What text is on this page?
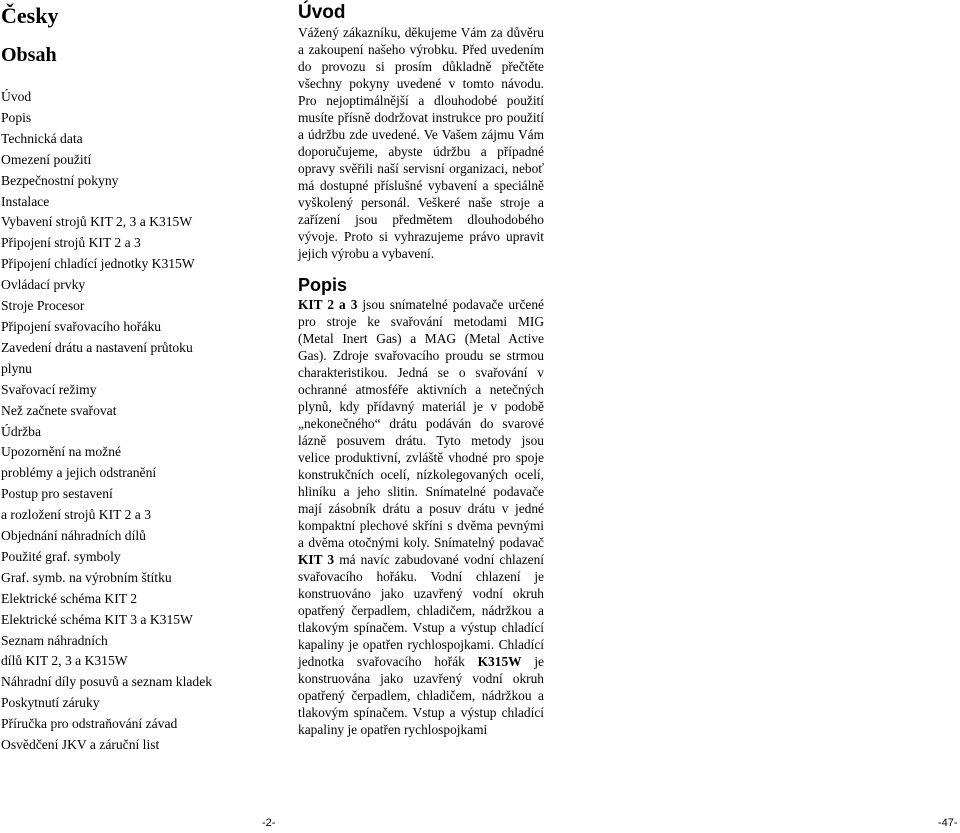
Česky
Obsah
Úvod
Popis
Technická data
Omezení použití
Bezpečnostní pokyny
Instalace
Vybavení strojů KIT 2, 3 a K315W
Připojení strojů KIT 2 a 3
Připojení chladící jednotky K315W
Ovládací prvky
Stroje Procesor
Připojení svařovacího hořáku
Zavedení drátu a nastavení průtoku
plynu
Svařovací režimy
Než začnete svařovat
Údržba
Upozornění na možné
problémy a jejich odstranění
Postup pro sestavení
a rozložení strojů KIT 2 a 3
Objednání náhradních dílů
Použité graf. symboly
Graf. symb. na výrobním štítku
Elektrické schéma KIT 2
Elektrické schéma KIT 3 a K315W
Seznam náhradních
dílů KIT 2, 3 a K315W
Náhradní díly posuvů a seznam kladek
Poskytnutí záruky
Příručka pro odstraňování závad
Osvědčení JKV a záruční list
Úvod

Vážený zákazníku, děkujeme Vám za důvěru a zakoupení našeho výrobku. Před uvedením do provozu si prosím důkladně přečtěte všechny pokyny uvedené v tomto návodu. Pro nejoptimálnější a dlouhodobé použití musíte přísně dodržovat instrukce pro použití a údržbu zde uvedené. Ve Vašem zájmu Vám doporučujeme, abyste údržbu a případné opravy svěřili naší servisní organizaci, neboť má dostupné příslušné vybavení a speciálně vyškolený personál. Veškeré naše stroje a zařízení jsou předmětem dlouhodobého vývoje. Proto si vyhrazujeme právo upravit jejich výrobu a vybavení.

Popis

KIT 2 a 3 jsou snímatelné podavače určené pro stroje ke svařování metodami MIG (Metal Inert Gas) a MAG (Metal Active Gas). Zdroje svařovacího proudu se strmou charakteristikou. Jedná se o svařování v ochranné atmosféře aktivních a netečných plynů, kdy přídavný materiál je v podobě „nekonečného“ drátu podáván do svarové lázně posuvem drátu. Tyto metody jsou velice produktivní, zvláště vhodné pro spoje konstrukčních ocelí, nízkolegovaných ocelí, hliníku a jeho slitin. Snímatelné podavače mají zásobník drátu a posuv drátu v jedné kompaktní plechové skříni s dvěma pevnými a dvěma otočnými koly. Snímatelný podavač KIT 3 má navíc zabudované vodní chlazení svařovacího hořáku. Vodní chlazení je konstruováno jako uzavřený vodní okruh opatřený čerpadlem, chladičem, nádržkou a tlakovým spínačem. Vstup a výstup chladící kapaliny je opatřen rychlospojkami. Chladící jednotka svařovacího hořák K315W je konstruována jako uzavřený vodní okruh opatřený čerpadlem, chladičem, nádržkou a tlakovým spínačem. Vstup a výstup chladící kapaliny je opatřen rychlospojkami

-2-	-47-
